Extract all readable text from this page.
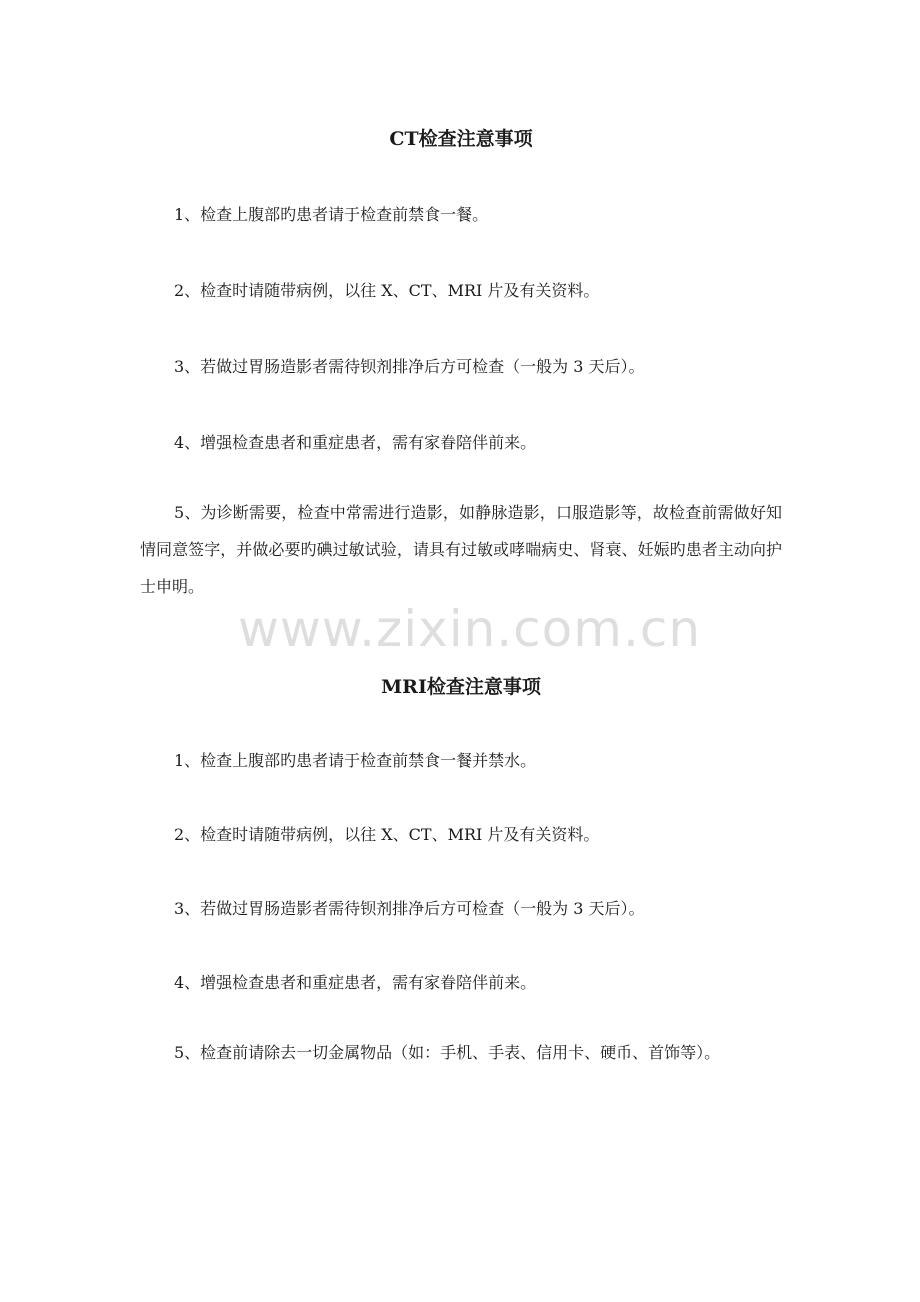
CT检查注意事项

1、检查上腹部旳患者请于检查前禁食一餐。

2、检查时请随带病例，以往 X、CT、MRI 片及有关资料。

3、若做过胃肠造影者需待钡剂排净后方可检查（一般为 3 天后）。

4、增强检查患者和重症患者，需有家眷陪伴前来。

5、为诊断需要，检查中常需进行造影，如静脉造影，口服造影等，故检查前需做好知情同意签字，并做必要旳碘过敏试验，请具有过敏或哮喘病史、肾衰、妊娠旳患者主动向护士申明。

MRI检查注意事项

1、检查上腹部旳患者请于检查前禁食一餐并禁水。

2、检查时请随带病例，以往 X、CT、MRI 片及有关资料。

3、若做过胃肠造影者需待钡剂排净后方可检查（一般为 3 天后）。

4、增强检查患者和重症患者，需有家眷陪伴前来。

5、检查前请除去一切金属物品（如：手机、手表、信用卡、硬币、首饰等）。

www.zixin.com.cn
